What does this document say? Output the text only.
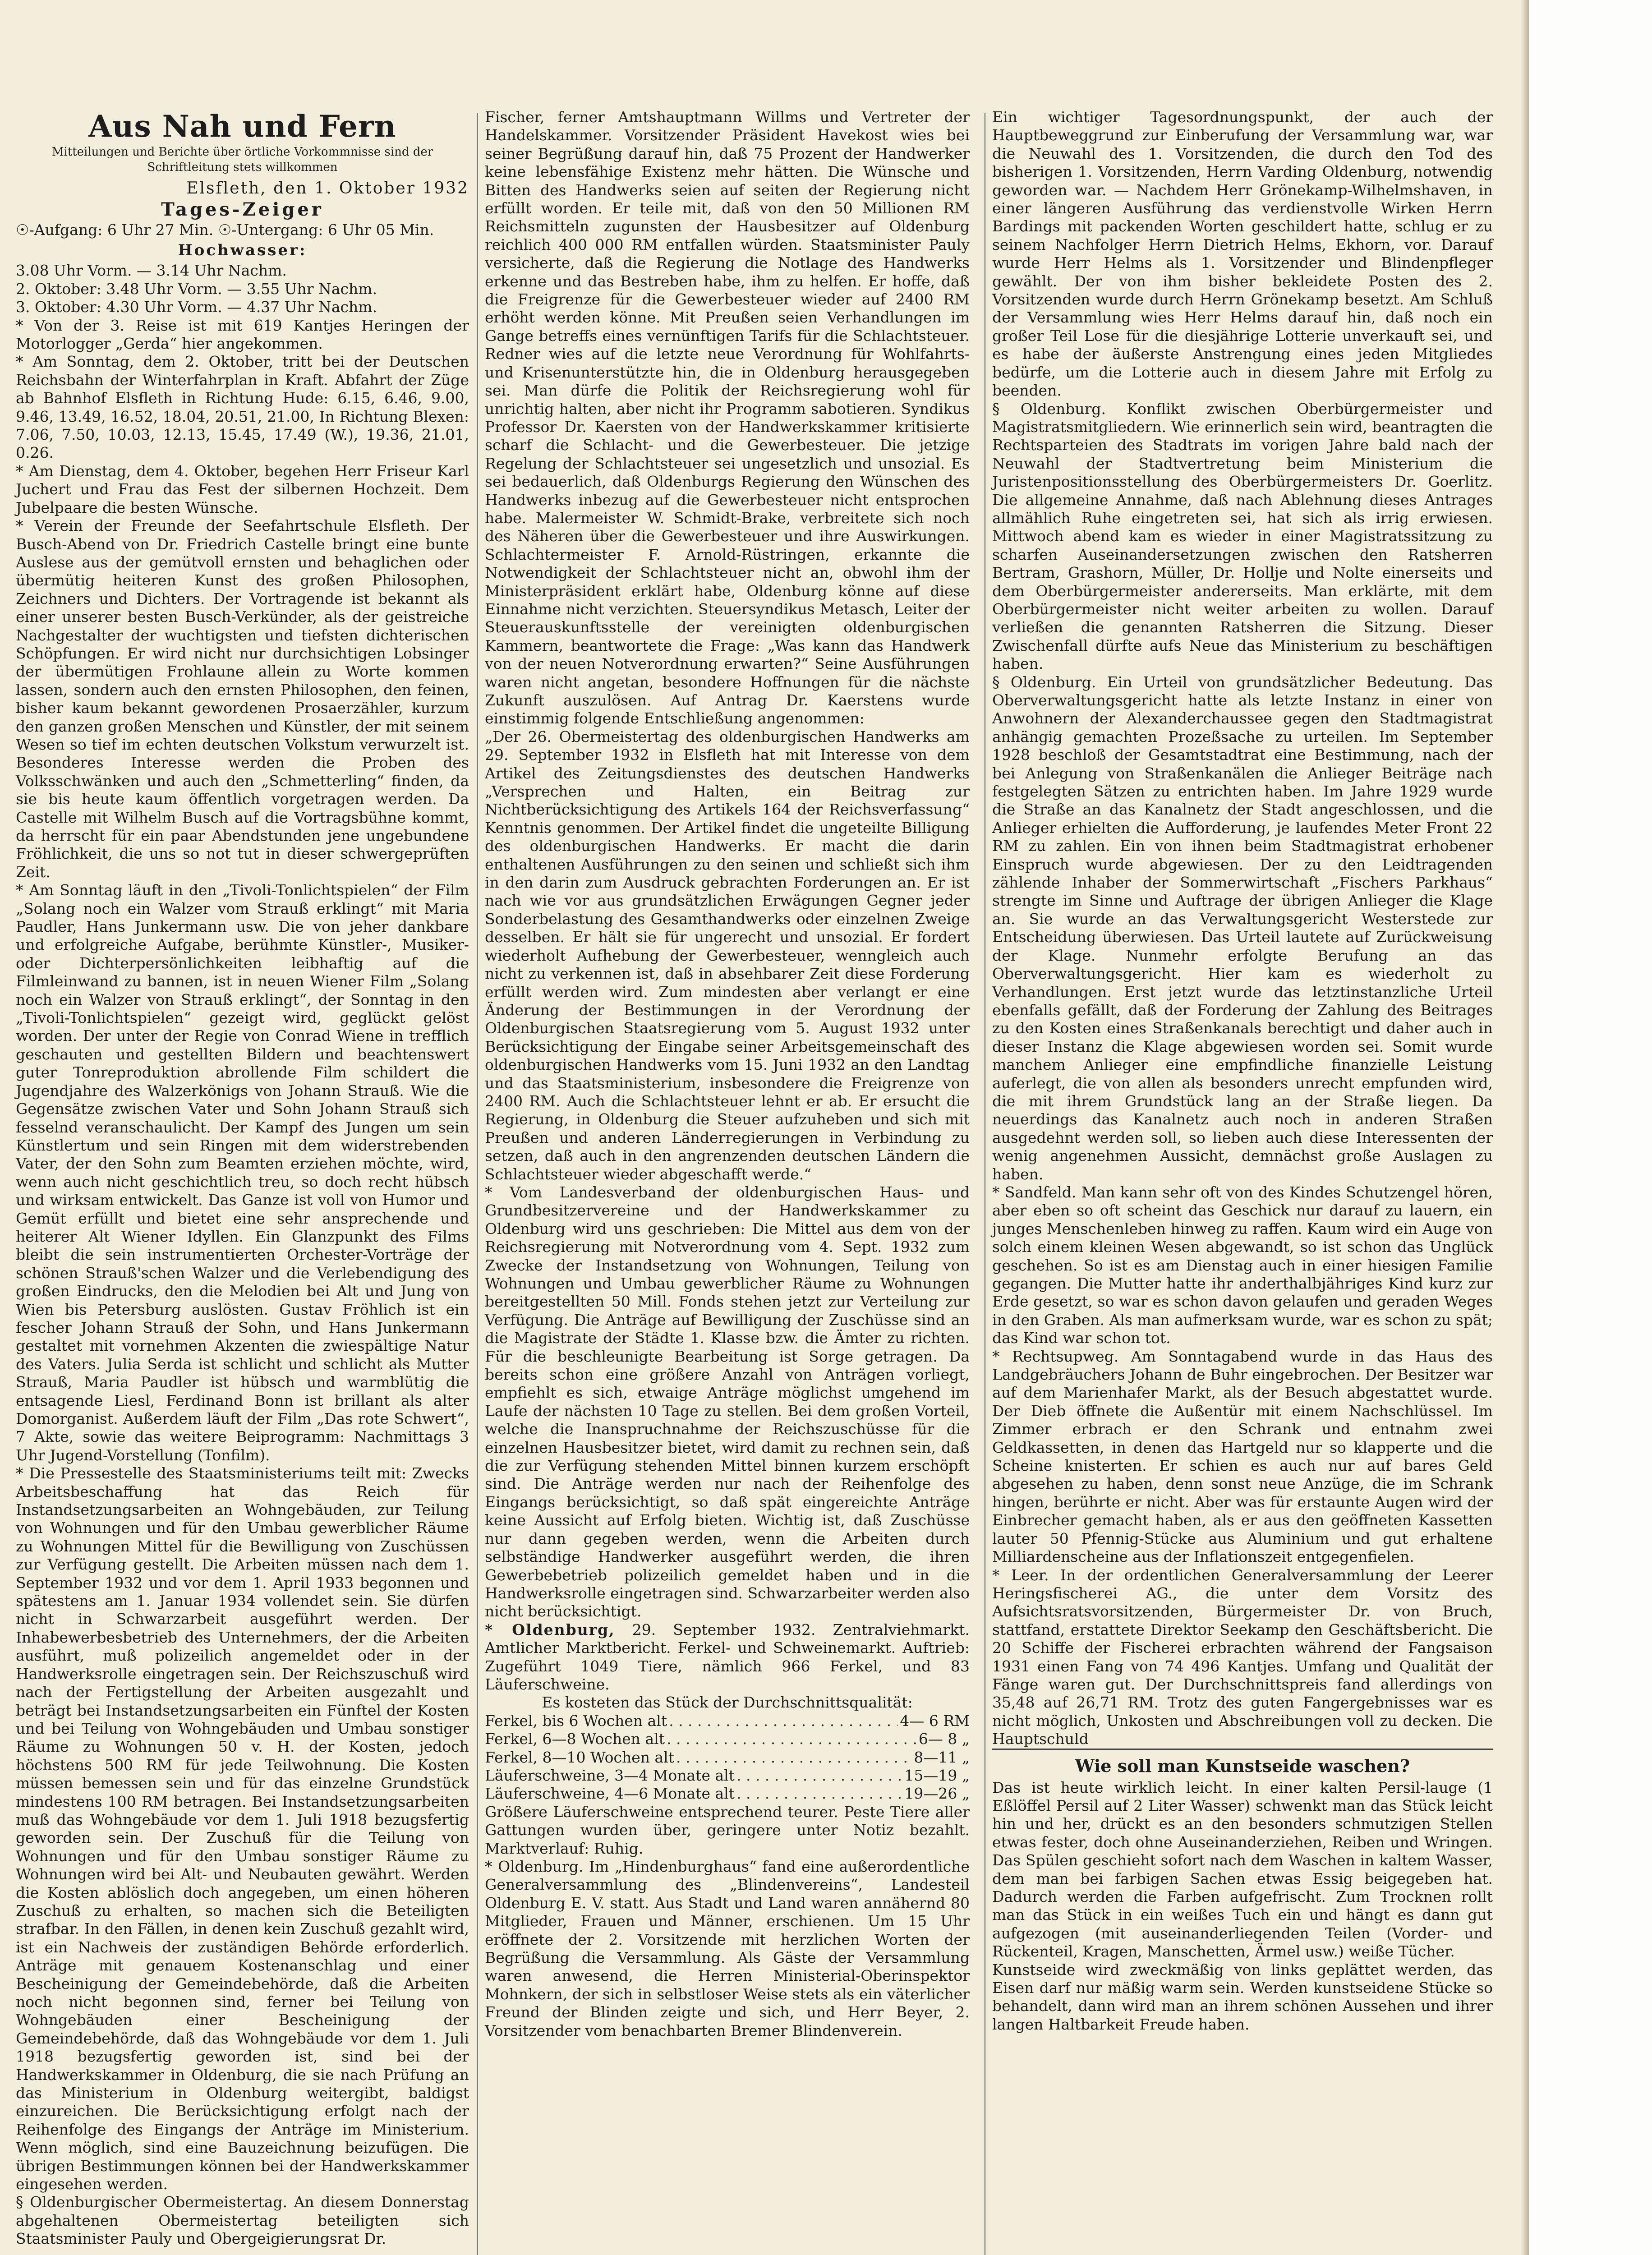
Aus Nah und Fern

Mitteilungen und Berichte über örtliche Vorkommnisse sind der Schriftleitung stets willkommen

Elsfleth, den 1. Oktober 1932

Tages-Zeiger

☉-Aufgang: 6 Uhr 27 Min. ☉-Untergang: 6 Uhr 05 Min.

Hochwasser:

3.08 Uhr Vorm. — 3.14 Uhr Nachm.

2. Oktober: 3.48 Uhr Vorm. — 3.55 Uhr Nachm.

3. Oktober: 4.30 Uhr Vorm. — 4.37 Uhr Nachm.

* Von der 3. Reise ist mit 619 Kantjes Heringen der Motorlogger „Gerda“ hier angekommen.

* Am Sonntag, dem 2. Oktober, tritt bei der Deutschen Reichsbahn der Winterfahrplan in Kraft. Abfahrt der Züge ab Bahnhof Elsfleth in Richtung Hude: 6.15, 6.46, 9.00, 9.46, 13.49, 16.52, 18.04, 20.51, 21.00, In Richtung Blexen: 7.06, 7.50, 10.03, 12.13, 15.45, 17.49 (W.), 19.36, 21.01, 0.26.

* Am Dienstag, dem 4. Oktober, begehen Herr Friseur Karl Juchert und Frau das Fest der silbernen Hochzeit. Dem Jubelpaare die besten Wünsche.

* Verein der Freunde der Seefahrtschule Elsfleth. Der Busch-Abend von Dr. Friedrich Castelle bringt eine bunte Auslese aus der gemütvoll ernsten und behaglichen oder übermütig heiteren Kunst des großen Philosophen, Zeichners und Dichters. Der Vortragende ist bekannt als einer unserer besten Busch-Verkünder, als der geistreiche Nachgestalter der wuchtigsten und tiefsten dichterischen Schöpfungen. Er wird nicht nur durchsichtigen Lobsinger der übermütigen Frohlaune allein zu Worte kommen lassen, sondern auch den ernsten Philosophen, den feinen, bisher kaum bekannt gewordenen Prosaerzähler, kurzum den ganzen großen Menschen und Künstler, der mit seinem Wesen so tief im echten deutschen Volkstum verwurzelt ist. Besonderes Interesse werden die Proben des Volksschwänken und auch den „Schmetterling“ finden, da sie bis heute kaum öffentlich vorgetragen werden. Da Castelle mit Wilhelm Busch auf die Vortragsbühne kommt, da herrscht für ein paar Abendstunden jene ungebundene Fröhlichkeit, die uns so not tut in dieser schwergeprüften Zeit.

* Am Sonntag läuft in den „Tivoli-Tonlichtspielen“ der Film „Solang noch ein Walzer vom Strauß erklingt“ mit Maria Paudler, Hans Junkermann usw. Die von jeher dankbare und erfolgreiche Aufgabe, berühmte Künstler-, Musiker- oder Dichterpersönlichkeiten leibhaftig auf die Filmleinwand zu bannen, ist in neuen Wiener Film „Solang noch ein Walzer von Strauß erklingt“, der Sonntag in den „Tivoli-Tonlichtspielen“ gezeigt wird, geglückt gelöst worden. Der unter der Regie von Conrad Wiene in trefflich geschauten und gestellten Bildern und beachtenswert guter Tonreproduktion abrollende Film schildert die Jugendjahre des Walzerkönigs von Johann Strauß. Wie die Gegensätze zwischen Vater und Sohn Johann Strauß sich fesselnd veranschaulicht. Der Kampf des Jungen um sein Künstlertum und sein Ringen mit dem widerstrebenden Vater, der den Sohn zum Beamten erziehen möchte, wird, wenn auch nicht geschichtlich treu, so doch recht hübsch und wirksam entwickelt. Das Ganze ist voll von Humor und Gemüt erfüllt und bietet eine sehr ansprechende und heiterer Alt Wiener Idyllen. Ein Glanzpunkt des Films bleibt die sein instrumentierten Orchester-Vorträge der schönen Strauß'schen Walzer und die Verlebendigung des großen Eindrucks, den die Melodien bei Alt und Jung von Wien bis Petersburg auslösten. Gustav Fröhlich ist ein fescher Johann Strauß der Sohn, und Hans Junkermann gestaltet mit vornehmen Akzenten die zwiespältige Natur des Vaters. Julia Serda ist schlicht und schlicht als Mutter Strauß, Maria Paudler ist hübsch und warmblütig die entsagende Liesl, Ferdinand Bonn ist brillant als alter Domorganist. Außerdem läuft der Film „Das rote Schwert“, 7 Akte, sowie das weitere Beiprogramm: Nachmittags 3 Uhr Jugend-Vorstellung (Tonfilm).

* Die Pressestelle des Staatsministeriums teilt mit: Zwecks Arbeitsbeschaffung hat das Reich für Instandsetzungsarbeiten an Wohngebäuden, zur Teilung von Wohnungen und für den Umbau gewerblicher Räume zu Wohnungen Mittel für die Bewilligung von Zuschüssen zur Verfügung gestellt. Die Arbeiten müssen nach dem 1. September 1932 und vor dem 1. April 1933 begonnen und spätestens am 1. Januar 1934 vollendet sein. Sie dürfen nicht in Schwarzarbeit ausgeführt werden. Der Inhabewerbesbetrieb des Unternehmers, der die Arbeiten ausführt, muß polizeilich angemeldet oder in der Handwerksrolle eingetragen sein. Der Reichszuschuß wird nach der Fertigstellung der Arbeiten ausgezahlt und beträgt bei Instandsetzungsarbeiten ein Fünftel der Kosten und bei Teilung von Wohngebäuden und Umbau sonstiger Räume zu Wohnungen 50 v. H. der Kosten, jedoch höchstens 500 RM für jede Teilwohnung. Die Kosten müssen bemessen sein und für das einzelne Grundstück mindestens 100 RM betragen. Bei Instandsetzungsarbeiten muß das Wohngebäude vor dem 1. Juli 1918 bezugsfertig geworden sein. Der Zuschuß für die Teilung von Wohnungen und für den Umbau sonstiger Räume zu Wohnungen wird bei Alt- und Neubauten gewährt. Werden die Kosten ablöslich doch angegeben, um einen höheren Zuschuß zu erhalten, so machen sich die Beteiligten strafbar. In den Fällen, in denen kein Zuschuß gezahlt wird, ist ein Nachweis der zuständigen Behörde erforderlich. Anträge mit genauem Kostenanschlag und einer Bescheinigung der Gemeindebehörde, daß die Arbeiten noch nicht begonnen sind, ferner bei Teilung von Wohngebäuden einer Bescheinigung der Gemeindebehörde, daß das Wohngebäude vor dem 1. Juli 1918 bezugsfertig geworden ist, sind bei der Handwerkskammer in Oldenburg, die sie nach Prüfung an das Ministerium in Oldenburg weitergibt, baldigst einzureichen. Die Berücksichtigung erfolgt nach der Reihenfolge des Eingangs der Anträge im Ministerium. Wenn möglich, sind eine Bauzeichnung beizufügen. Die übrigen Bestimmungen können bei der Handwerkskammer eingesehen werden.

§ Oldenburgischer Obermeistertag. An diesem Donnerstag abgehaltenen Obermeistertag beteiligten sich Staatsminister Pauly und Obergeigierungsrat Dr.

Fischer, ferner Amtshauptmann Willms und Vertreter der Handelskammer. Vorsitzender Präsident Havekost wies bei seiner Begrüßung darauf hin, daß 75 Prozent der Handwerker keine lebensfähige Existenz mehr hätten. Die Wünsche und Bitten des Handwerks seien auf seiten der Regierung nicht erfüllt worden. Er teile mit, daß von den 50 Millionen RM Reichsmitteln zugunsten der Hausbesitzer auf Oldenburg reichlich 400 000 RM entfallen würden. Staatsminister Pauly versicherte, daß die Regierung die Notlage des Handwerks erkenne und das Bestreben habe, ihm zu helfen. Er hoffe, daß die Freigrenze für die Gewerbesteuer wieder auf 2400 RM erhöht werden könne. Mit Preußen seien Verhandlungen im Gange betreffs eines vernünftigen Tarifs für die Schlachtsteuer. Redner wies auf die letzte neue Verordnung für Wohlfahrts- und Krisenunterstützte hin, die in Oldenburg herausgegeben sei. Man dürfe die Politik der Reichsregierung wohl für unrichtig halten, aber nicht ihr Programm sabotieren. Syndikus Professor Dr. Kaersten von der Handwerkskammer kritisierte scharf die Schlacht- und die Gewerbesteuer. Die jetzige Regelung der Schlachtsteuer sei ungesetzlich und unsozial. Es sei bedauerlich, daß Oldenburgs Regierung den Wünschen des Handwerks inbezug auf die Gewerbesteuer nicht entsprochen habe. Malermeister W. Schmidt-Brake, verbreitete sich noch des Näheren über die Gewerbesteuer und ihre Auswirkungen. Schlachtermeister F. Arnold-Rüstringen, erkannte die Notwendigkeit der Schlachtsteuer nicht an, obwohl ihm der Ministerpräsident erklärt habe, Oldenburg könne auf diese Einnahme nicht verzichten. Steuersyndikus Metasch, Leiter der Steuerauskunftsstelle der vereinigten oldenburgischen Kammern, beantwortete die Frage: „Was kann das Handwerk von der neuen Notverordnung erwarten?“ Seine Ausführungen waren nicht angetan, besondere Hoffnungen für die nächste Zukunft auszulösen. Auf Antrag Dr. Kaerstens wurde einstimmig folgende Entschließung angenommen:

„Der 26. Obermeistertag des oldenburgischen Handwerks am 29. September 1932 in Elsfleth hat mit Interesse von dem Artikel des Zeitungsdienstes des deutschen Handwerks „Versprechen und Halten, ein Beitrag zur Nichtberücksichtigung des Artikels 164 der Reichsverfassung“ Kenntnis genommen. Der Artikel findet die ungeteilte Billigung des oldenburgischen Handwerks. Er macht die darin enthaltenen Ausführungen zu den seinen und schließt sich ihm in den darin zum Ausdruck gebrachten Forderungen an. Er ist nach wie vor aus grundsätzlichen Erwägungen Gegner jeder Sonderbelastung des Gesamthandwerks oder einzelnen Zweige desselben. Er hält sie für ungerecht und unsozial. Er fordert wiederholt Aufhebung der Gewerbesteuer, wenngleich auch nicht zu verkennen ist, daß in absehbarer Zeit diese Forderung erfüllt werden wird. Zum mindesten aber verlangt er eine Änderung der Bestimmungen in der Verordnung der Oldenburgischen Staatsregierung vom 5. August 1932 unter Berücksichtigung der Eingabe seiner Arbeitsgemeinschaft des oldenburgischen Handwerks vom 15. Juni 1932 an den Landtag und das Staatsministerium, insbesondere die Freigrenze von 2400 RM. Auch die Schlachtsteuer lehnt er ab. Er ersucht die Regierung, in Oldenburg die Steuer aufzuheben und sich mit Preußen und anderen Länderregierungen in Verbindung zu setzen, daß auch in den angrenzenden deutschen Ländern die Schlachtsteuer wieder abgeschafft werde.“

* Vom Landesverband der oldenburgischen Haus- und Grundbesitzervereine und der Handwerkskammer zu Oldenburg wird uns geschrieben: Die Mittel aus dem von der Reichsregierung mit Notverordnung vom 4. Sept. 1932 zum Zwecke der Instandsetzung von Wohnungen, Teilung von Wohnungen und Umbau gewerblicher Räume zu Wohnungen bereitgestellten 50 Mill. Fonds stehen jetzt zur Verteilung zur Verfügung. Die Anträge auf Bewilligung der Zuschüsse sind an die Magistrate der Städte 1. Klasse bzw. die Ämter zu richten. Für die beschleunigte Bearbeitung ist Sorge getragen. Da bereits schon eine größere Anzahl von Anträgen vorliegt, empfiehlt es sich, etwaige Anträge möglichst umgehend im Laufe der nächsten 10 Tage zu stellen. Bei dem großen Vorteil, welche die Inanspruchnahme der Reichszuschüsse für die einzelnen Hausbesitzer bietet, wird damit zu rechnen sein, daß die zur Verfügung stehenden Mittel binnen kurzem erschöpft sind. Die Anträge werden nur nach der Reihenfolge des Eingangs berücksichtigt, so daß spät eingereichte Anträge keine Aussicht auf Erfolg bieten. Wichtig ist, daß Zuschüsse nur dann gegeben werden, wenn die Arbeiten durch selbständige Handwerker ausgeführt werden, die ihren Gewerbebetrieb polizeilich gemeldet haben und in die Handwerksrolle eingetragen sind. Schwarzarbeiter werden also nicht berücksichtigt.

* Oldenburg, 29. September 1932. Zentralviehmarkt. Amtlicher Marktbericht. Ferkel- und Schweinemarkt. Auftrieb: Zugeführt 1049 Tiere, nämlich 966 Ferkel, und 83 Läuferschweine.

Es kosteten das Stück der Durchschnittsqualität:

Ferkel, bis 6 Wochen alt . . .	4— 6 RM
Ferkel, 6—8 Wochen alt . . .	6— 8 „
Ferkel, 8—10 Wochen alt . . .	8—11 „
Läuferschweine, 3—4 Monate alt . . .	15—19 „
Läuferschweine, 4—6 Monate alt . . .	19—26 „

Größere Läuferschweine entsprechend teurer. Peste Tiere aller Gattungen wurden über, geringere unter Notiz bezahlt. Marktverlauf: Ruhig.

* Oldenburg. Im „Hindenburghaus“ fand eine außerordentliche Generalversammlung des „Blindenvereins“, Landesteil Oldenburg E. V. statt. Aus Stadt und Land waren annähernd 80 Mitglieder, Frauen und Männer, erschienen. Um 15 Uhr eröffnete der 2. Vorsitzende mit herzlichen Worten der Begrüßung die Versammlung. Als Gäste der Versammlung waren anwesend, die Herren Ministerial-Oberinspektor Mohnkern, der sich in selbstloser Weise stets als ein väterlicher Freund der Blinden zeigte und sich, und Herr Beyer, 2. Vorsitzender vom benachbarten Bremer Blindenverein.

Ein wichtiger Tagesordnungspunkt, der auch der Hauptbeweggrund zur Einberufung der Versammlung war, war die Neuwahl des 1. Vorsitzenden, die durch den Tod des bisherigen 1. Vorsitzenden, Herrn Varding Oldenburg, notwendig geworden war. — Nachdem Herr Grönekamp-Wilhelmshaven, in einer längeren Ausführung das verdienstvolle Wirken Herrn Bardings mit packenden Worten geschildert hatte, schlug er zu seinem Nachfolger Herrn Dietrich Helms, Ekhorn, vor. Darauf wurde Herr Helms als 1. Vorsitzender und Blindenpfleger gewählt. Der von ihm bisher bekleidete Posten des 2. Vorsitzenden wurde durch Herrn Grönekamp besetzt. Am Schluß der Versammlung wies Herr Helms darauf hin, daß noch ein großer Teil Lose für die diesjährige Lotterie unverkauft sei, und es habe der äußerste Anstrengung eines jeden Mitgliedes bedürfe, um die Lotterie auch in diesem Jahre mit Erfolg zu beenden.

§ Oldenburg. Konflikt zwischen Oberbürgermeister und Magistratsmitgliedern. Wie erinnerlich sein wird, beantragten die Rechtsparteien des Stadtrats im vorigen Jahre bald nach der Neuwahl der Stadtvertretung beim Ministerium die Juristenpositionsstellung des Oberbürgermeisters Dr. Goerlitz. Die allgemeine Annahme, daß nach Ablehnung dieses Antrages allmählich Ruhe eingetreten sei, hat sich als irrig erwiesen. Mittwoch abend kam es wieder in einer Magistratssitzung zu scharfen Auseinandersetzungen zwischen den Ratsherren Bertram, Grashorn, Müller, Dr. Hollje und Nolte einerseits und dem Oberbürgermeister andererseits. Man erklärte, mit dem Oberbürgermeister nicht weiter arbeiten zu wollen. Darauf verließen die genannten Ratsherren die Sitzung. Dieser Zwischenfall dürfte aufs Neue das Ministerium zu beschäftigen haben.

§ Oldenburg. Ein Urteil von grundsätzlicher Bedeutung. Das Oberverwaltungsgericht hatte als letzte Instanz in einer von Anwohnern der Alexanderchaussee gegen den Stadtmagistrat anhängig gemachten Prozeßsache zu urteilen. Im September 1928 beschloß der Gesamtstadtrat eine Bestimmung, nach der bei Anlegung von Straßenkanälen die Anlieger Beiträge nach festgelegten Sätzen zu entrichten haben. Im Jahre 1929 wurde die Straße an das Kanalnetz der Stadt angeschlossen, und die Anlieger erhielten die Aufforderung, je laufendes Meter Front 22 RM zu zahlen. Ein von ihnen beim Stadtmagistrat erhobener Einspruch wurde abgewiesen. Der zu den Leidtragenden zählende Inhaber der Sommerwirtschaft „Fischers Parkhaus“ strengte im Sinne und Auftrage der übrigen Anlieger die Klage an. Sie wurde an das Verwaltungsgericht Westerstede zur Entscheidung überwiesen. Das Urteil lautete auf Zurückweisung der Klage. Nunmehr erfolgte Berufung an das Oberverwaltungsgericht. Hier kam es wiederholt zu Verhandlungen. Erst jetzt wurde das letztinstanzliche Urteil ebenfalls gefällt, daß der Forderung der Zahlung des Beitrages zu den Kosten eines Straßenkanals berechtigt und daher auch in dieser Instanz die Klage abgewiesen worden sei. Somit wurde manchem Anlieger eine empfindliche finanzielle Leistung auferlegt, die von allen als besonders unrecht empfunden wird, die mit ihrem Grundstück lang an der Straße liegen. Da neuerdings das Kanalnetz auch noch in anderen Straßen ausgedehnt werden soll, so lieben auch diese Interessenten der wenig angenehmen Aussicht, demnächst große Auslagen zu haben.

* Sandfeld. Man kann sehr oft von des Kindes Schutzengel hören, aber eben so oft scheint das Geschick nur darauf zu lauern, ein junges Menschenleben hinweg zu raffen. Kaum wird ein Auge von solch einem kleinen Wesen abgewandt, so ist schon das Unglück geschehen. So ist es am Dienstag auch in einer hiesigen Familie gegangen. Die Mutter hatte ihr anderthalbjähriges Kind kurz zur Erde gesetzt, so war es schon davon gelaufen und geraden Weges in den Graben. Als man aufmerksam wurde, war es schon zu spät; das Kind war schon tot.

* Rechtsupweg. Am Sonntagabend wurde in das Haus des Landgebräuchers Johann de Buhr eingebrochen. Der Besitzer war auf dem Marienhafer Markt, als der Besuch abgestattet wurde. Der Dieb öffnete die Außentür mit einem Nachschlüssel. Im Zimmer erbrach er den Schrank und entnahm zwei Geldkassetten, in denen das Hartgeld nur so klapperte und die Scheine knisterten. Er schien es auch nur auf bares Geld abgesehen zu haben, denn sonst neue Anzüge, die im Schrank hingen, berührte er nicht. Aber was für erstaunte Augen wird der Einbrecher gemacht haben, als er aus den geöffneten Kassetten lauter 50 Pfennig-Stücke aus Aluminium und gut erhaltene Milliardenscheine aus der Inflationszeit entgegenfielen.

* Leer. In der ordentlichen Generalversammlung der Leerer Heringsfischerei AG., die unter dem Vorsitz des Aufsichtsratsvorsitzenden, Bürgermeister Dr. von Bruch, stattfand, erstattete Direktor Seekamp den Geschäftsbericht. Die 20 Schiffe der Fischerei erbrachten während der Fangsaison 1931 einen Fang von 74 496 Kantjes. Umfang und Qualität der Fänge waren gut. Der Durchschnittspreis fand allerdings von 35,48 auf 26,71 RM. Trotz des guten Fangergebnisses war es nicht möglich, Unkosten und Abschreibungen voll zu decken. Die Hauptschuld

Wie soll man Kunstseide waschen?

Das ist heute wirklich leicht. In einer kalten Persil-lauge (1 Eßlöffel Persil auf 2 Liter Wasser) schwenkt man das Stück leicht hin und her, drückt es an den besonders schmutzigen Stellen etwas fester, doch ohne Auseinanderziehen, Reiben und Wringen. Das Spülen geschieht sofort nach dem Waschen in kaltem Wasser, dem man bei farbigen Sachen etwas Essig beigegeben hat. Dadurch werden die Farben aufgefrischt. Zum Trocknen rollt man das Stück in ein weißes Tuch ein und hängt es dann gut aufgezogen (mit auseinanderliegenden Teilen (Vorder- und Rückenteil, Kragen, Manschetten, Ärmel usw.) weiße Tücher.

Kunstseide wird zweckmäßig von links geplättet werden, das Eisen darf nur mäßig warm sein. Werden kunstseidene Stücke so behandelt, dann wird man an ihrem schönen Aussehen und ihrer langen Haltbarkeit Freude haben.
